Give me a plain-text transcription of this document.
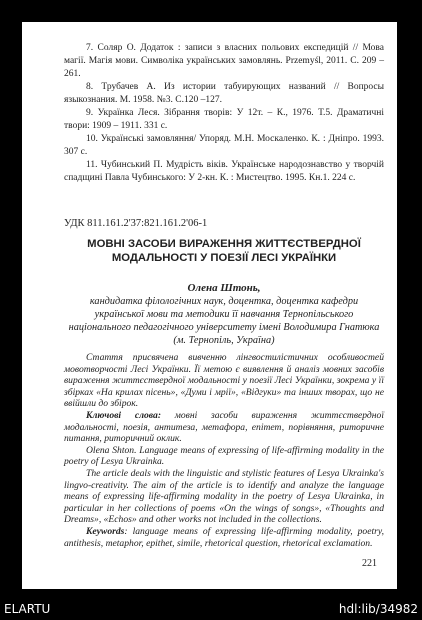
7. Соляр О. Додаток : записи з власних польових експедицій // Мова магії. Магія мови. Символіка українських замовлянь. Przemyśl, 2011. С. 209 –261.

8. Трубачев А. Из истории табуирующих названий // Вопросы языкознания. М. 1958. №3. С.120 –127.

9. Українка Леся. Зібрання творів: У 12т. – К., 1976. Т.5. Драматичні твори: 1909 – 1911. 331 с.

10. Українські замовляння/ Упоряд. М.Н. Москаленко. К. : Дніпро. 1993. 307 с.

11. Чубинський П. Мудрість віків. Українське народознавство у творчій спадщині Павла Чубинського: У 2-кн. К. : Мистецтво. 1995. Кн.1. 224 с.

УДК 811.161.2'37:821.161.2'06-1
МОВНІ ЗАСОБИ ВИРАЖЕННЯ ЖИТТЄСТВЕРДНОЇ МОДАЛЬНОСТІ У ПОЕЗІЇ ЛЕСІ УКРАЇНКИ
Олена Штонь,
кандидатка філологічних наук, доцентка, доцентка кафедри української мови та методики її навчання Тернопільського національного педагогічного університету імені Володимира Гнатюка (м. Тернопіль, Україна)

Стаття присвячена вивченню лінгвостилістичних особливостей мовотворчості Лесі Українки. Її метою є виявлення й аналіз мовних засобів вираження життєствердної модальності у поезії Лесі Українки, зокрема у її збірках «На крилах пісень», «Думи і мрії», «Відгуки» та інших творах, що не ввійшли до збірок.

Ключові слова: мовні засоби вираження життєствердної модальності, поезія, антитеза, метафора, епітет, порівняння, риторичне питання, риторичний оклик.

Olena Shton. Language means of expressing of life-affirming modality in the poetry of Lesya Ukrainka.

The article deals with the linguistic and stylistic features of Lesya Ukrainka's lingvo-creativity. The aim of the article is to identify and analyze the language means of expressing life-affirming modality in the poetry of Lesya Ukrainka, in particular in her collections of poems «On the wings of songs», «Thoughts and Dreams», «Echos» and other works not included in the collections.

Keywords: language means of expressing life-affirming modality, poetry, antithesis, metaphor, epithet, simile, rhetorical question, rhetorical exclamation.

221
ELARTU	hdl:lib/34982
